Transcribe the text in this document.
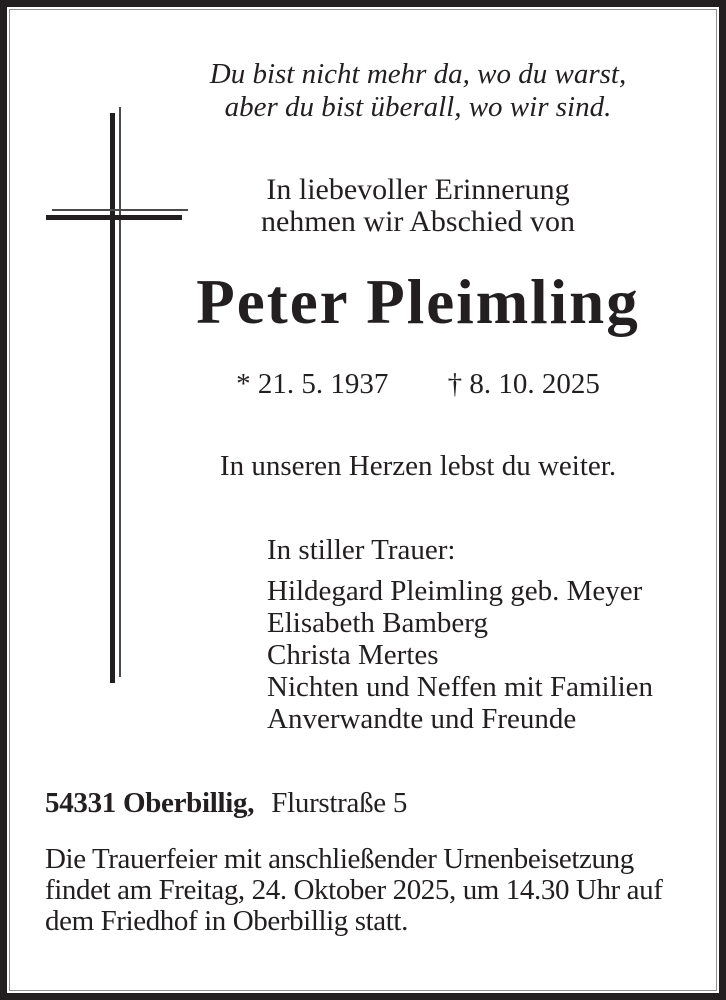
Du bist nicht mehr da, wo du warst,
aber du bist überall, wo wir sind.
In liebevoller Erinnerung
nehmen wir Abschied von
Peter Pleimling
* 21. 5. 1937 † 8. 10. 2025
In unseren Herzen lebst du weiter.
In stiller Trauer:
Hildegard Pleimling geb. Meyer
Elisabeth Bamberg
Christa Mertes
Nichten und Neffen mit Familien
Anverwandte und Freunde
54331 Oberbillig, Flurstraße 5
Die Trauerfeier mit anschließender Urnenbeisetzung
findet am Freitag, 24. Oktober 2025, um 14.30 Uhr auf
dem Friedhof in Oberbillig statt.
